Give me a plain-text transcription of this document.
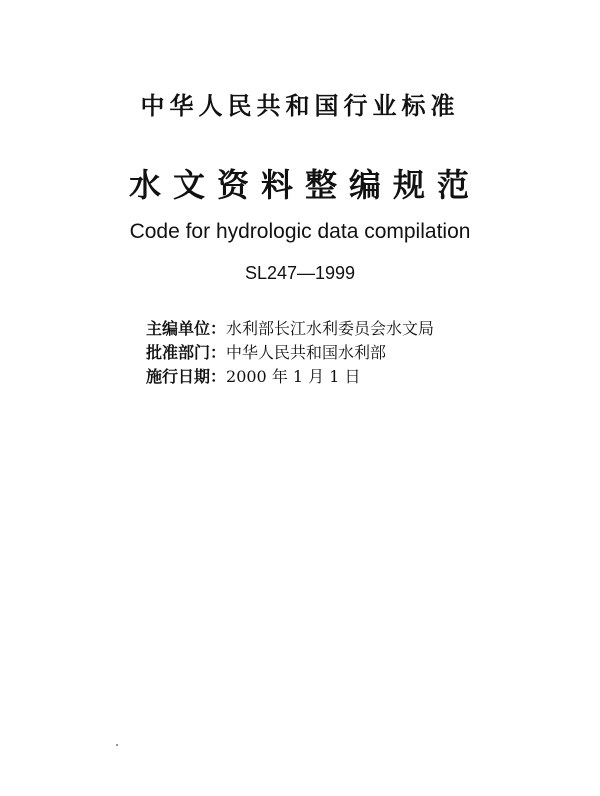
中华人民共和国行业标准
水文资料整编规范
Code for hydrologic data compilation
SL247—1999
主编单位：水利部长江水利委员会水文局
批准部门：中华人民共和国水利部
施行日期：2000 年 1 月 1 日
